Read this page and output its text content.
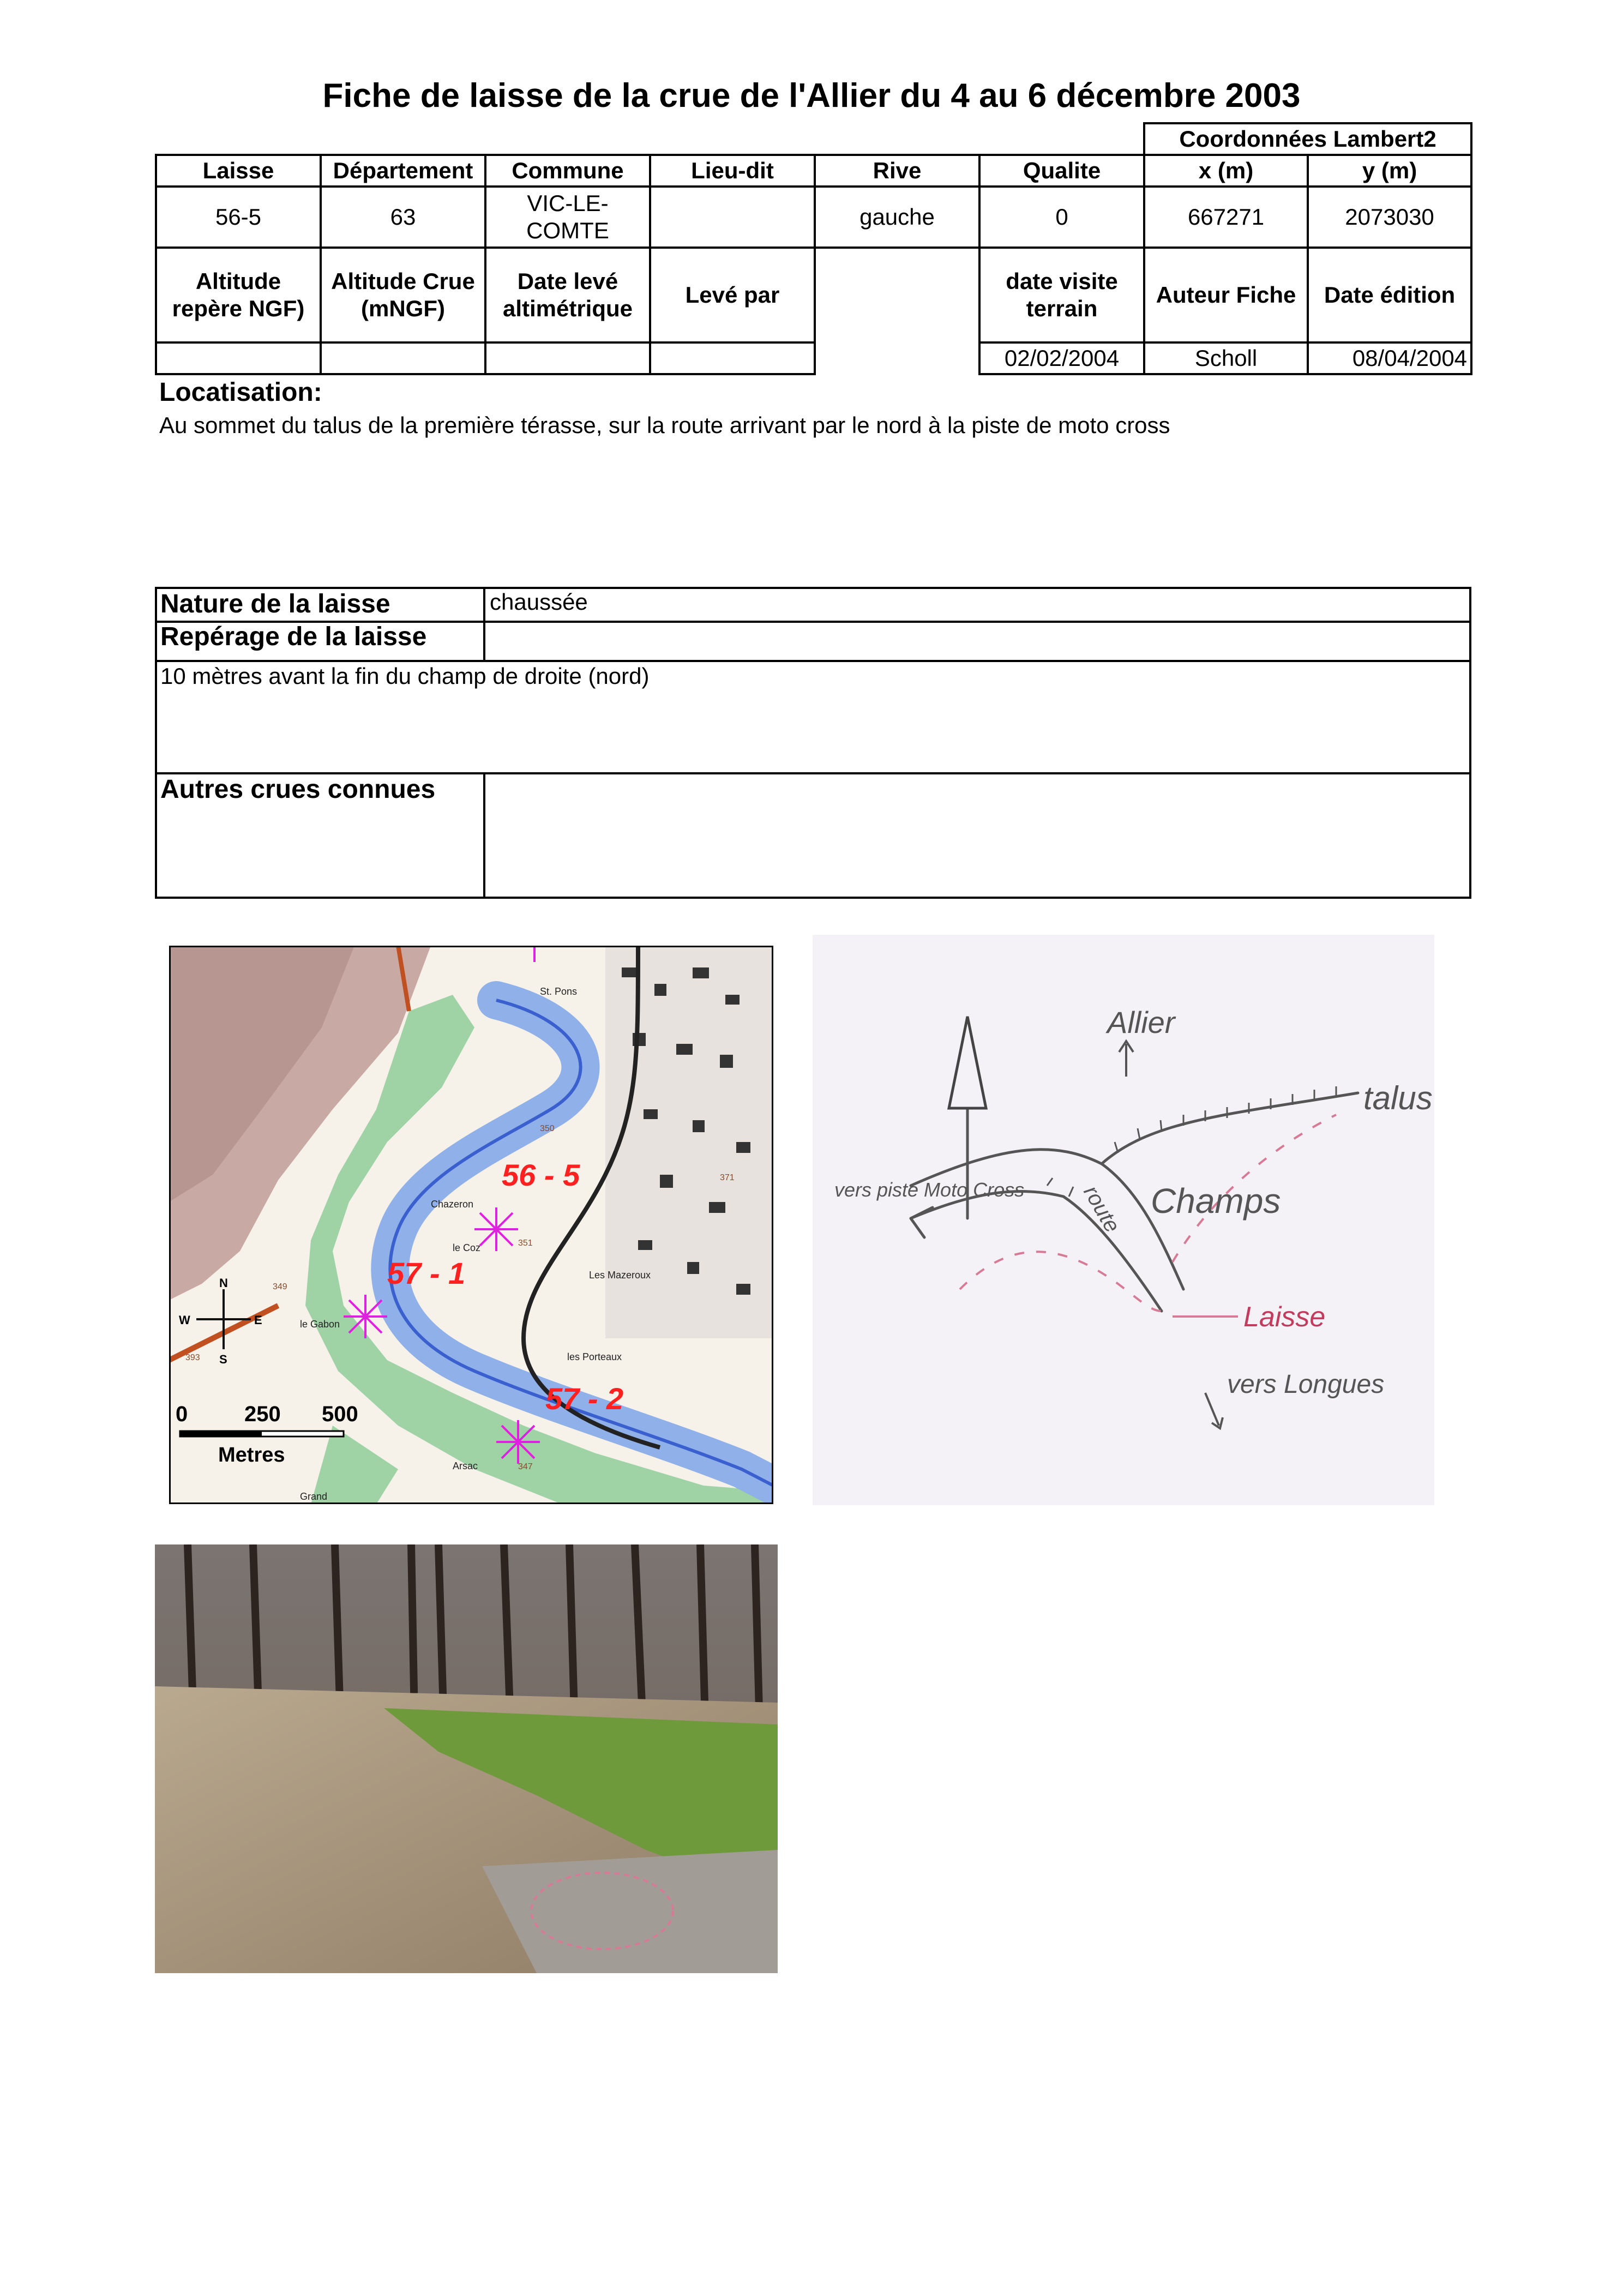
Fiche de laisse de la crue de l'Allier du 4 au 6 décembre 2003
						Coordonnées Lambert2	
Laisse	Département	Commune	Lieu-dit	Rive	Qualite	x (m)	y (m)
56-5	63	VIC-LE-COMTE		gauche	0	667271	2073030
Altitude repère NGF)	Altitude Crue (mNGF)	Date levé altimétrique	Levé par		date visite terrain	Auteur Fiche	Date édition
					02/02/2004	Scholl	08/04/2004
Locatisation:
Au sommet du talus de la première térasse, sur la route arrivant par le nord à la piste de moto cross
Nature de la laisse	chaussée
Repérage de la laisse
10 mètres avant la fin du champ de droite (nord)
Autres crues connues
56 - 5
57 - 1
57 - 2
les Porteaux
le Gabon
Arsac
Grand
Chazeron
Les Mazeroux
St. Pons
le Coz
350
351
349
347
371
393
N
W	E
S
0	250 500
Metres
Allier
talus
Champs
vers piste Moto Cross	route
Laisse
vers Longues
